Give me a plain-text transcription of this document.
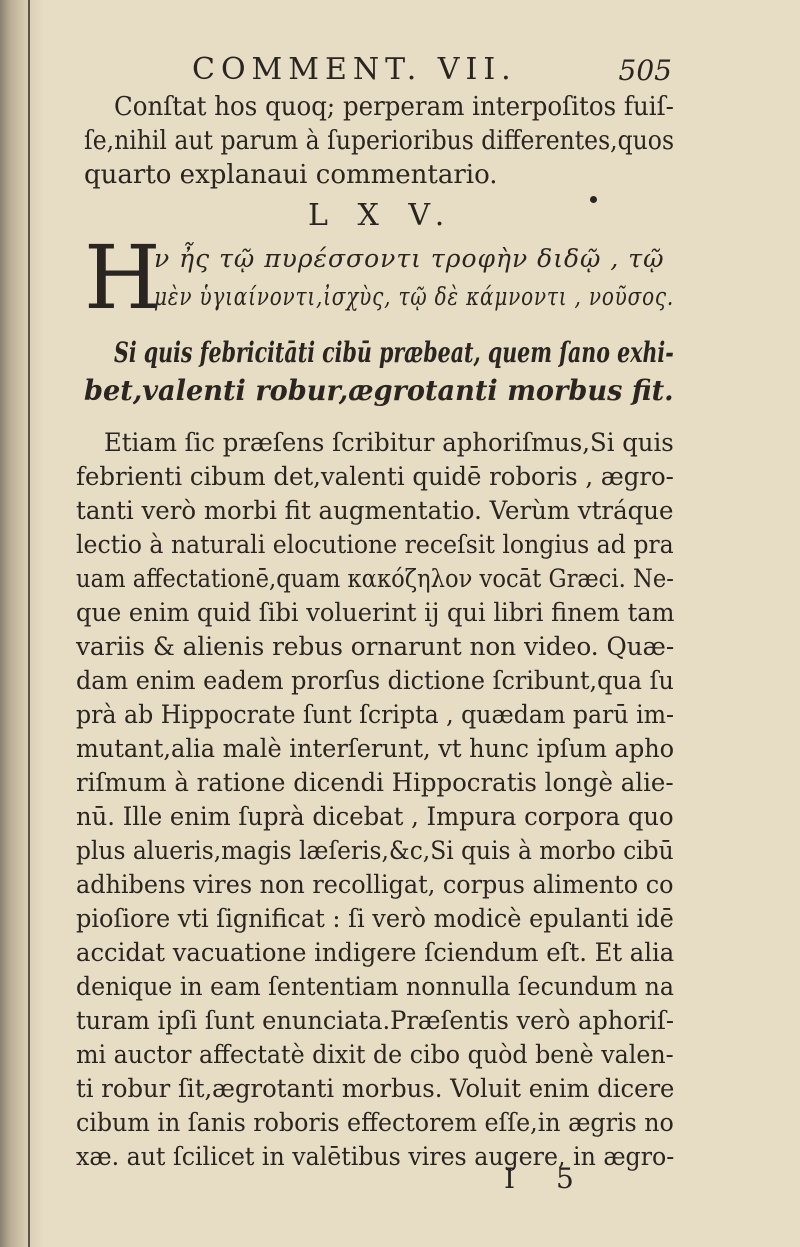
COMMENT. VII.	505
Conſtat hos quoq; perperam interpoſitos fuiſ-
ſe,nihil aut parum à ſuperioribus differentes,quos
quarto explanaui commentario.
L X V.
H
ν ἦς τῷ πυρέσσοντι τροφὴν διδῷ , τῷ
μὲν ὑγιαίνοντι,ἰσχὺς, τῷ δὲ κάμνοντι , νοῦσος.
Si quis febricitāti cibū præbeat, quem ſano exhi-
bet,valenti robur,ægrotanti morbus fit.
Etiam ſic præſens ſcribitur aphoriſmus,Si quis
febrienti cibum det,valenti quidē roboris , ægro-
tanti verò morbi fit augmentatio. Verùm vtráque
lectio à naturali elocutione receſsit longius ad pra
uam affectationē,quam κακόζηλον vocāt Græci. Ne-
que enim quid ſibi voluerint ij qui libri finem tam
variis & alienis rebus ornarunt non video. Quæ-
dam enim eadem prorſus dictione ſcribunt,qua ſu
prà ab Hippocrate ſunt ſcripta , quædam parū im-
mutant,alia malè interſerunt, vt hunc ipſum apho
riſmum à ratione dicendi Hippocratis longè alie-
nū. Ille enim ſuprà dicebat , Impura corpora quo
plus alueris,magis læſeris,&c,Si quis à morbo cibū
adhibens vires non recolligat, corpus alimento co
pioſiore vti ſignificat : ſi verò modicè epulanti idē
accidat vacuatione indigere ſciendum eſt. Et alia
denique in eam ſententiam nonnulla ſecundum na
turam ipſi ſunt enunciata.Præſentis verò aphoriſ-
mi auctor affectatè dixit de cibo quòd benè valen-
ti robur ſit,ægrotanti morbus. Voluit enim dicere
cibum in ſanis roboris effectorem eſſe,in ægris no
xæ. aut ſcilicet in valētibus vires augere, in ægro-
I 5
